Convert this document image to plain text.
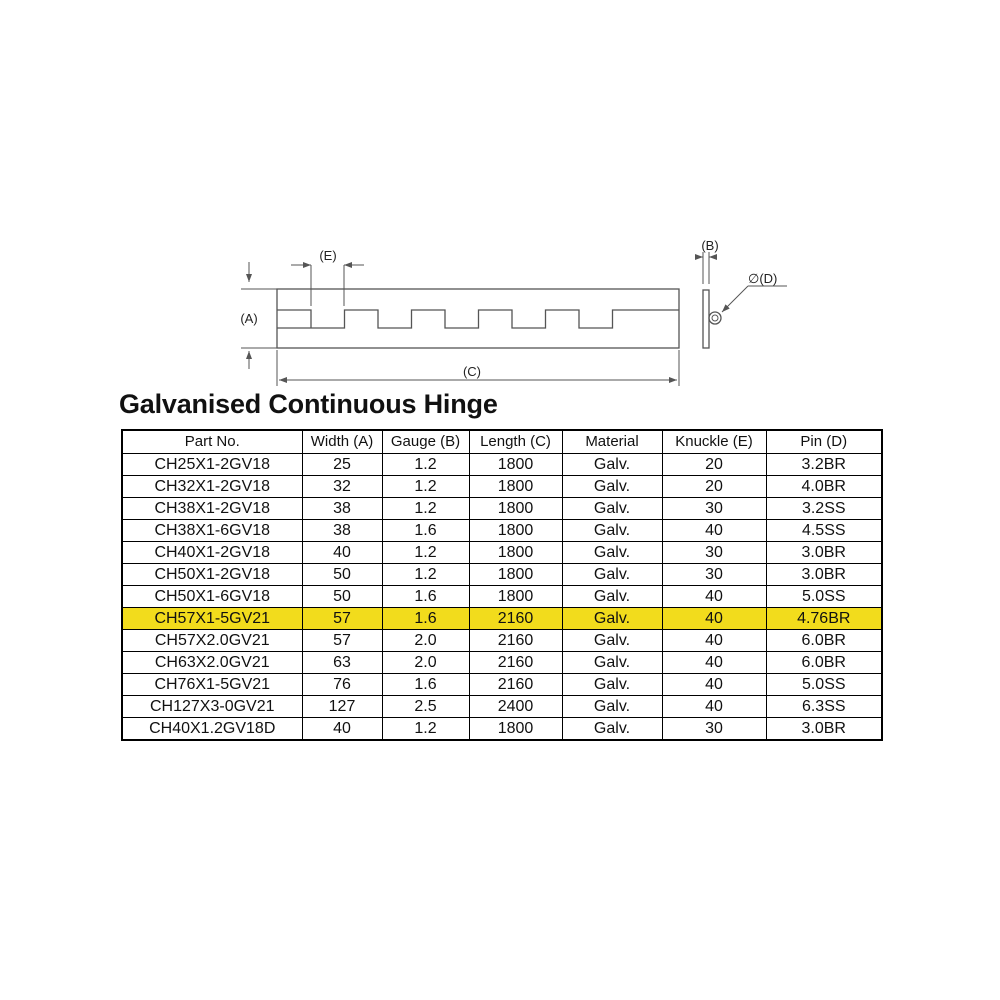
(A)
(E)
(C)
(B)
∅(D)
Galvanised Continuous Hinge
Part No.	Width (A)	Gauge (B)	Length (C)	Material	Knuckle (E)	Pin (D)
CH25X1-2GV18	25	1.2	1800	Galv.	20	3.2BR
CH32X1-2GV18	32	1.2	1800	Galv.	20	4.0BR
CH38X1-2GV18	38	1.2	1800	Galv.	30	3.2SS
CH38X1-6GV18	38	1.6	1800	Galv.	40	4.5SS
CH40X1-2GV18	40	1.2	1800	Galv.	30	3.0BR
CH50X1-2GV18	50	1.2	1800	Galv.	30	3.0BR
CH50X1-6GV18	50	1.6	1800	Galv.	40	5.0SS
CH57X1-5GV21	57	1.6	2160	Galv.	40	4.76BR
CH57X2.0GV21	57	2.0	2160	Galv.	40	6.0BR
CH63X2.0GV21	63	2.0	2160	Galv.	40	6.0BR
CH76X1-5GV21	76	1.6	2160	Galv.	40	5.0SS
CH127X3-0GV21	127	2.5	2400	Galv.	40	6.3SS
CH40X1.2GV18D	40	1.2	1800	Galv.	30	3.0BR
